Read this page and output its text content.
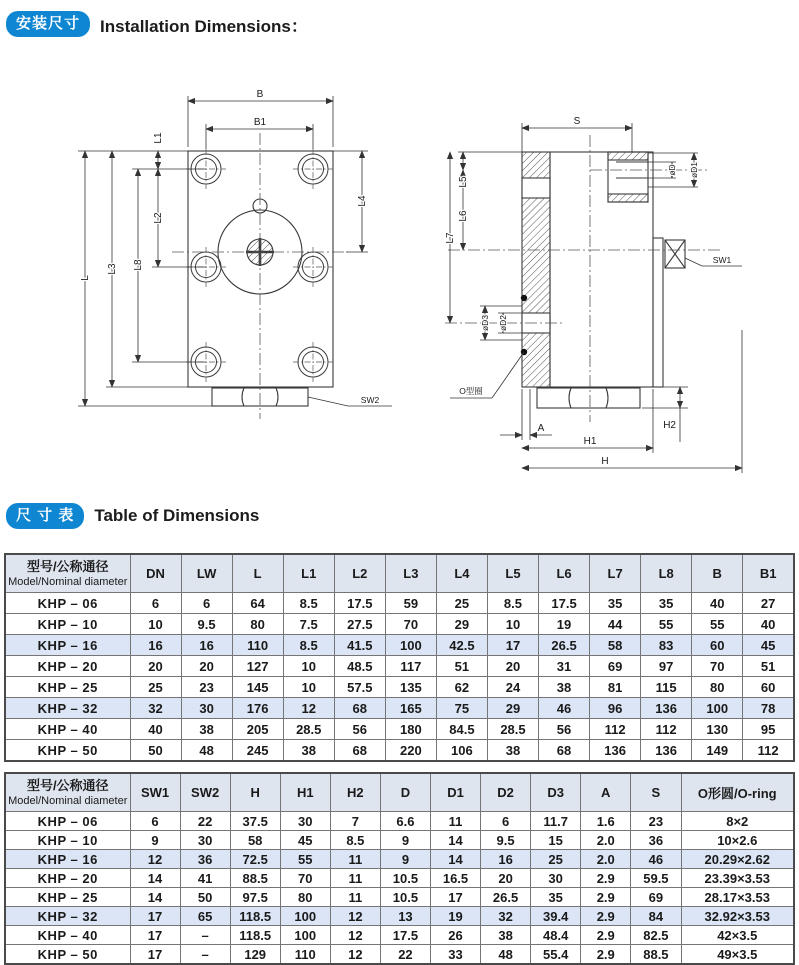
安装尺寸	Installation Dimensions：
B
B1
L1
L2
L8
L3
L
L4
SW2
S
L5
L6
L7
øD øD1
øD2
øD3
SW1
O型圈
A
H1
H
H2
尺 寸 表	Table of Dimensions
型号/公称通径
Model/Nominal diameter	DN	LW	L	L1	L2	L3	L4	L5	L6	L7	L8	B	B1
KHP – 06	6	6	64	8.5	17.5	59	25	8.5	17.5	35	35	40	27
KHP – 10	10	9.5	80	7.5	27.5	70	29	10	19	44	55	55	40
KHP – 16	16	16	110	8.5	41.5	100	42.5	17	26.5	58	83	60	45
KHP – 20	20	20	127	10	48.5	117	51	20	31	69	97	70	51
KHP – 25	25	23	145	10	57.5	135	62	24	38	81	115	80	60
KHP – 32	32	30	176	12	68	165	75	29	46	96	136	100	78
KHP – 40	40	38	205	28.5	56	180	84.5	28.5	56	112	112	130	95
KHP – 50	50	48	245	38	68	220	106	38	68	136	136	149	112
型号/公称通径
Model/Nominal diameter	SW1	SW2	H	H1	H2	D	D1	D2	D3	A	S	O形圆/O-ring
KHP – 06	6	22	37.5	30	7	6.6	11	6	11.7	1.6	23	8×2
KHP – 10	9	30	58	45	8.5	9	14	9.5	15	2.0	36	10×2.6
KHP – 16	12	36	72.5	55	11	9	14	16	25	2.0	46	20.29×2.62
KHP – 20	14	41	88.5	70	11	10.5	16.5	20	30	2.9	59.5	23.39×3.53
KHP – 25	14	50	97.5	80	11	10.5	17	26.5	35	2.9	69	28.17×3.53
KHP – 32	17	65	118.5	100	12	13	19	32	39.4	2.9	84	32.92×3.53
KHP – 40	17	–	118.5	100	12	17.5	26	38	48.4	2.9	82.5	42×3.5
KHP – 50	17	–	129	110	12	22	33	48	55.4	2.9	88.5	49×3.5
